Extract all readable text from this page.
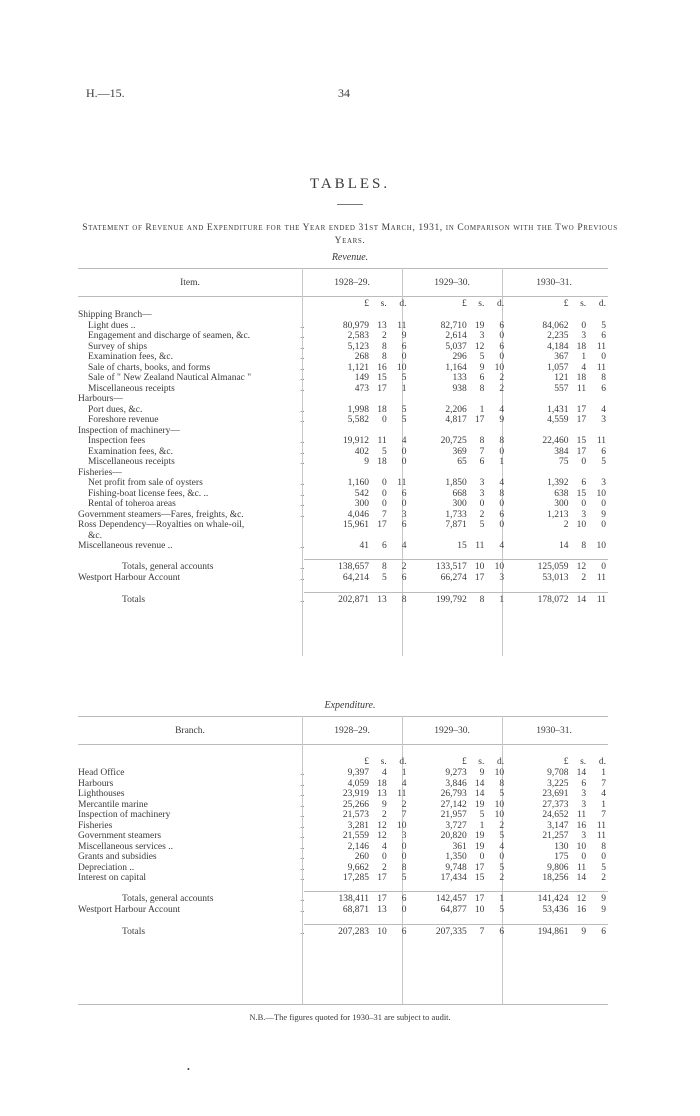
H.—15.	34
TABLES.
Statement of Revenue and Expenditure for the Year ended 31st March, 1931, in Comparison with the Two Previous Years.
Revenue.
Item.	1928–29.	1929–30.	1930–31.
	£	s.	d.		£	s.	d.		£	s.	d.
Shipping Branch—											
Light dues .. ..	80,979	13	11		82,710	19	6		84,062	0	5
Engagement and discharge of seamen, &c. ..	2,583	2	9		2,614	3	0		2,235	3	6
Survey of ships ..	5,123	8	6		5,037	12	6		4,184	18	11
Examination fees, &c. ..	268	8	0		296	5	0		367	1	0
Sale of charts, books, and forms ..	1,121	16	10		1,164	9	10		1,057	4	11
Sale of " New Zealand Nautical Almanac " ..	149	15	5		133	6	2		121	18	8
Miscellaneous receipts ..	473	17	1		938	8	2		557	11	6
Harbours—											
Port dues, &c. ..	1,998	18	5		2,206	1	4		1,431	17	4
Foreshore revenue ..	5,582	0	5		4,817	17	9		4,559	17	3
Inspection of machinery—											
Inspection fees ..	19,912	11	4		20,725	8	8		22,460	15	11
Examination fees, &c. ..	402	5	0		369	7	0		384	17	6
Miscellaneous receipts ..	9	18	0		65	6	1		75	0	5
Fisheries—											
Net profit from sale of oysters ..	1,160	0	11		1,850	3	4		1,392	6	3
Fishing-boat license fees, &c. .. ..	542	0	6		668	3	8		638	15	10
Rental of toheroa areas ..	300	0	0		300	0	0		300	0	0
Government steamers—Fares, freights, &c. ..	4,046	7	3		1,733	2	6		1,213	3	9
Ross Dependency—Royalties on whale-oil,	15,961	17	6		7,871	5	0		2	10	0
&c.											
Miscellaneous revenue .. ..	41	6	4		15	11	4		14	8	10

Totals, general accounts ..	138,657	8	2		133,517	10	10		125,059	12	0
Westport Harbour Account ..	64,214	5	6		66,274	17	3		53,013	2	11

Totals ..	202,871	13	8		199,792	8	1		178,072	14	11
Expenditure.
Branch.	1928–29.	1929–30.	1930–31.
	£	s.	d.		£	s.	d.		£	s.	d.
Head Office ..	9,397	4	1		9,273	9	10		9,708	14	1
Harbours ..	4,059	18	4		3,846	14	8		3,225	6	7
Lighthouses ..	23,919	13	11		26,793	14	5		23,691	3	4
Mercantile marine ..	25,266	9	2		27,142	19	10		27,373	3	1
Inspection of machinery ..	21,573	2	7		21,957	5	10		24,652	11	7
Fisheries ..	3,281	12	10		3,727	1	2		3,147	16	11
Government steamers ..	21,559	12	3		20,820	19	5		21,257	3	11
Miscellaneous services .. ..	2,146	4	0		361	19	4		130	10	8
Grants and subsidies ..	260	0	0		1,350	0	0		175	0	0
Depreciation .. ..	9,662	2	8		9,748	17	5		9,806	11	5
Interest on capital ..	17,285	17	5		17,434	15	2		18,256	14	2

Totals, general accounts ..	138,411	17	6		142,457	17	1		141,424	12	9
Westport Harbour Account ..	68,871	13	0		64,877	10	5		53,436	16	9

Totals ..	207,283	10	6		207,335	7	6		194,861	9	6
N.B.—The figures quoted for 1930–31 are subject to audit.
•
